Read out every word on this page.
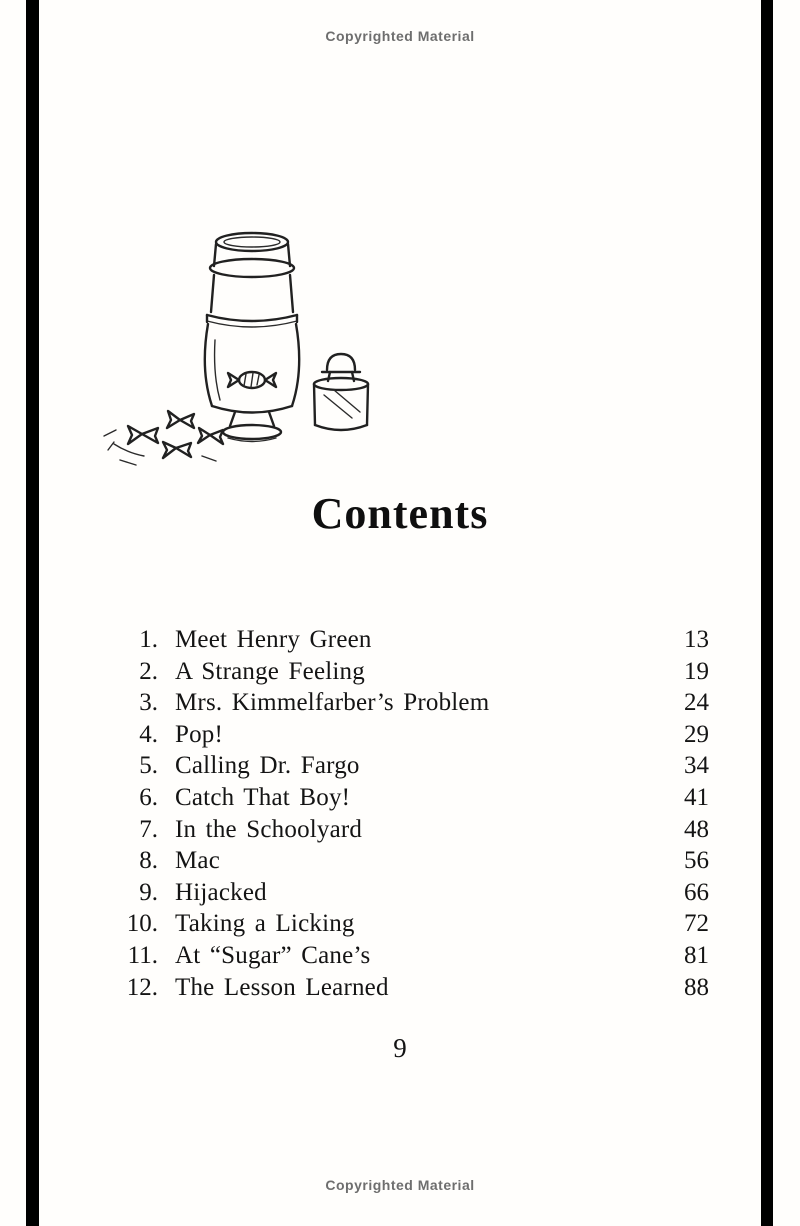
Copyrighted Material
Contents
1. Meet Henry Green	13
2. A Strange Feeling	19
3. Mrs. Kimmelfarber’s Problem	24
4. Pop!	29
5. Calling Dr. Fargo	34
6. Catch That Boy!	41
7. In the Schoolyard	48
8. Mac	56
9. Hijacked	66
10. Taking a Licking	72
11. At “Sugar” Cane’s	81
12. The Lesson Learned	88
9
Copyrighted Material
